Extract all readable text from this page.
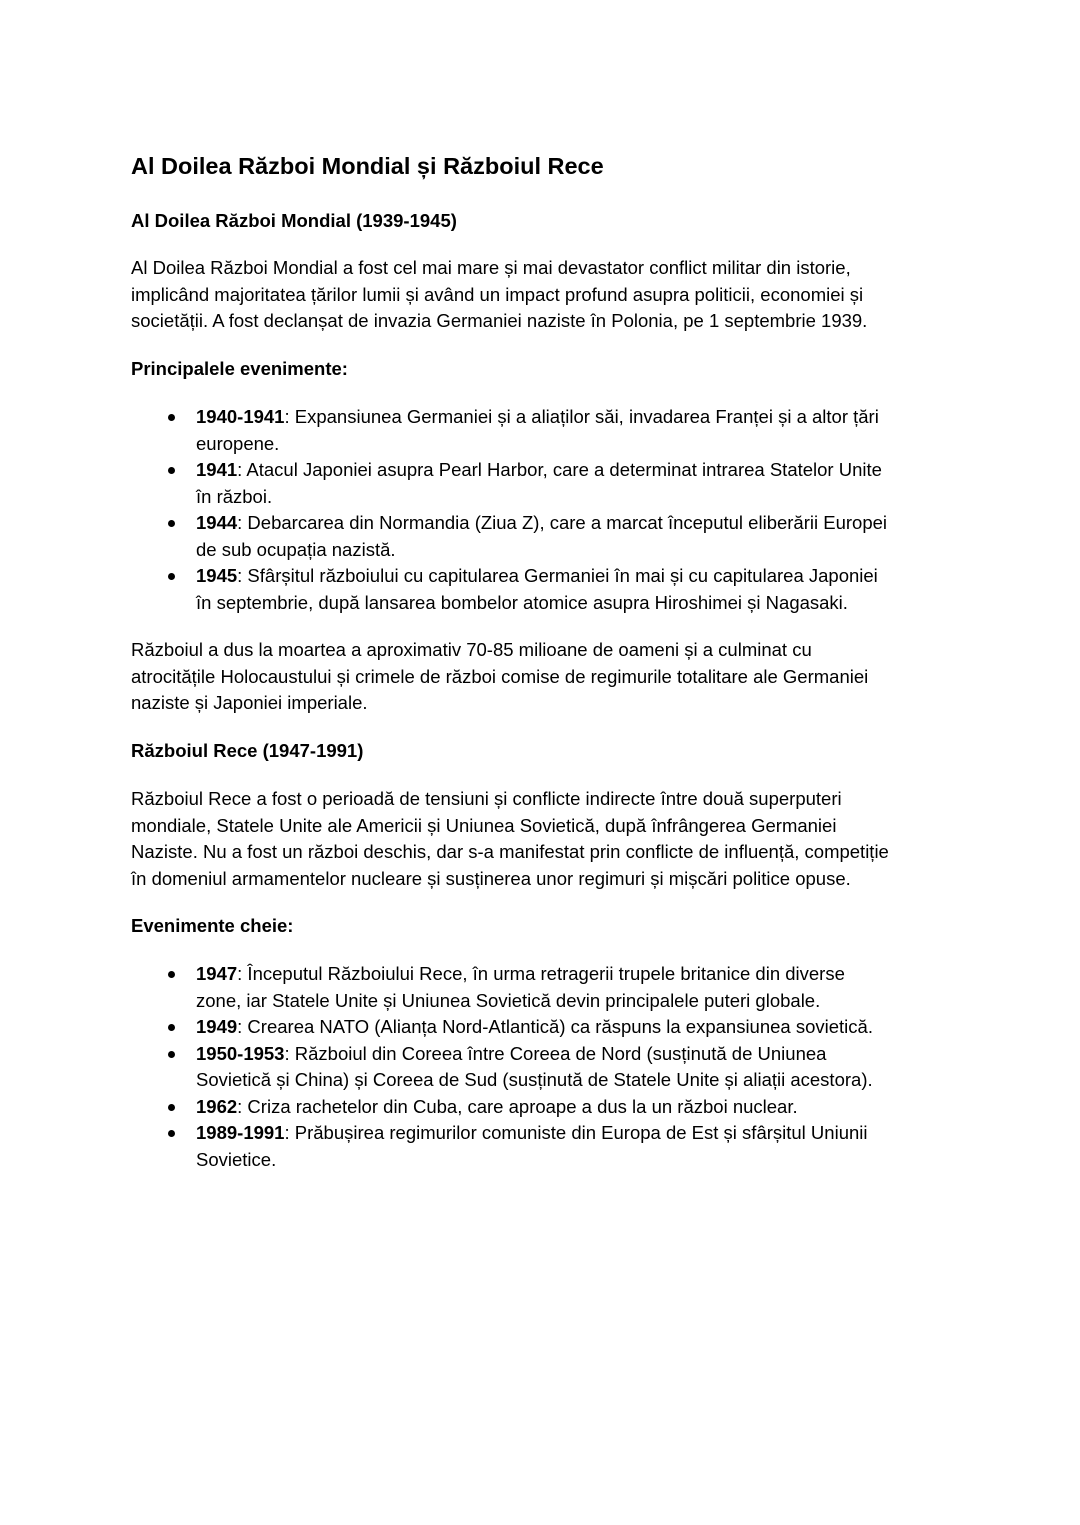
Al Doilea Război Mondial și Războiul Rece
Al Doilea Război Mondial (1939-1945)

Al Doilea Război Mondial a fost cel mai mare și mai devastator conflict militar din istorie,
implicând majoritatea țărilor lumii și având un impact profund asupra politicii, economiei și
societății. A fost declanșat de invazia Germaniei naziste în Polonia, pe 1 septembrie 1939.

Principalele evenimente:
1940-1941: Expansiunea Germaniei și a aliaților săi, invadarea Franței și a altor țări
europene.
1941: Atacul Japoniei asupra Pearl Harbor, care a determinat intrarea Statelor Unite
în război.
1944: Debarcarea din Normandia (Ziua Z), care a marcat începutul eliberării Europei
de sub ocupația nazistă.
1945: Sfârșitul războiului cu capitularea Germaniei în mai și cu capitularea Japoniei
în septembrie, după lansarea bombelor atomice asupra Hiroshimei și Nagasaki.

Războiul a dus la moartea a aproximativ 70-85 milioane de oameni și a culminat cu
atrocitățile Holocaustului și crimele de război comise de regimurile totalitare ale Germaniei
naziste și Japoniei imperiale.

Războiul Rece (1947-1991)

Războiul Rece a fost o perioadă de tensiuni și conflicte indirecte între două superputeri
mondiale, Statele Unite ale Americii și Uniunea Sovietică, după înfrângerea Germaniei
Naziste. Nu a fost un război deschis, dar s-a manifestat prin conflicte de influență, competiție
în domeniul armamentelor nucleare și susținerea unor regimuri și mișcări politice opuse.

Evenimente cheie:
1947: Începutul Războiului Rece, în urma retragerii trupele britanice din diverse
zone, iar Statele Unite și Uniunea Sovietică devin principalele puteri globale.
1949: Crearea NATO (Alianța Nord-Atlantică) ca răspuns la expansiunea sovietică.
1950-1953: Războiul din Coreea între Coreea de Nord (susținută de Uniunea
Sovietică și China) și Coreea de Sud (susținută de Statele Unite și aliații acestora).
1962: Criza rachetelor din Cuba, care aproape a dus la un război nuclear.
1989-1991: Prăbușirea regimurilor comuniste din Europa de Est și sfârșitul Uniunii
Sovietice.
